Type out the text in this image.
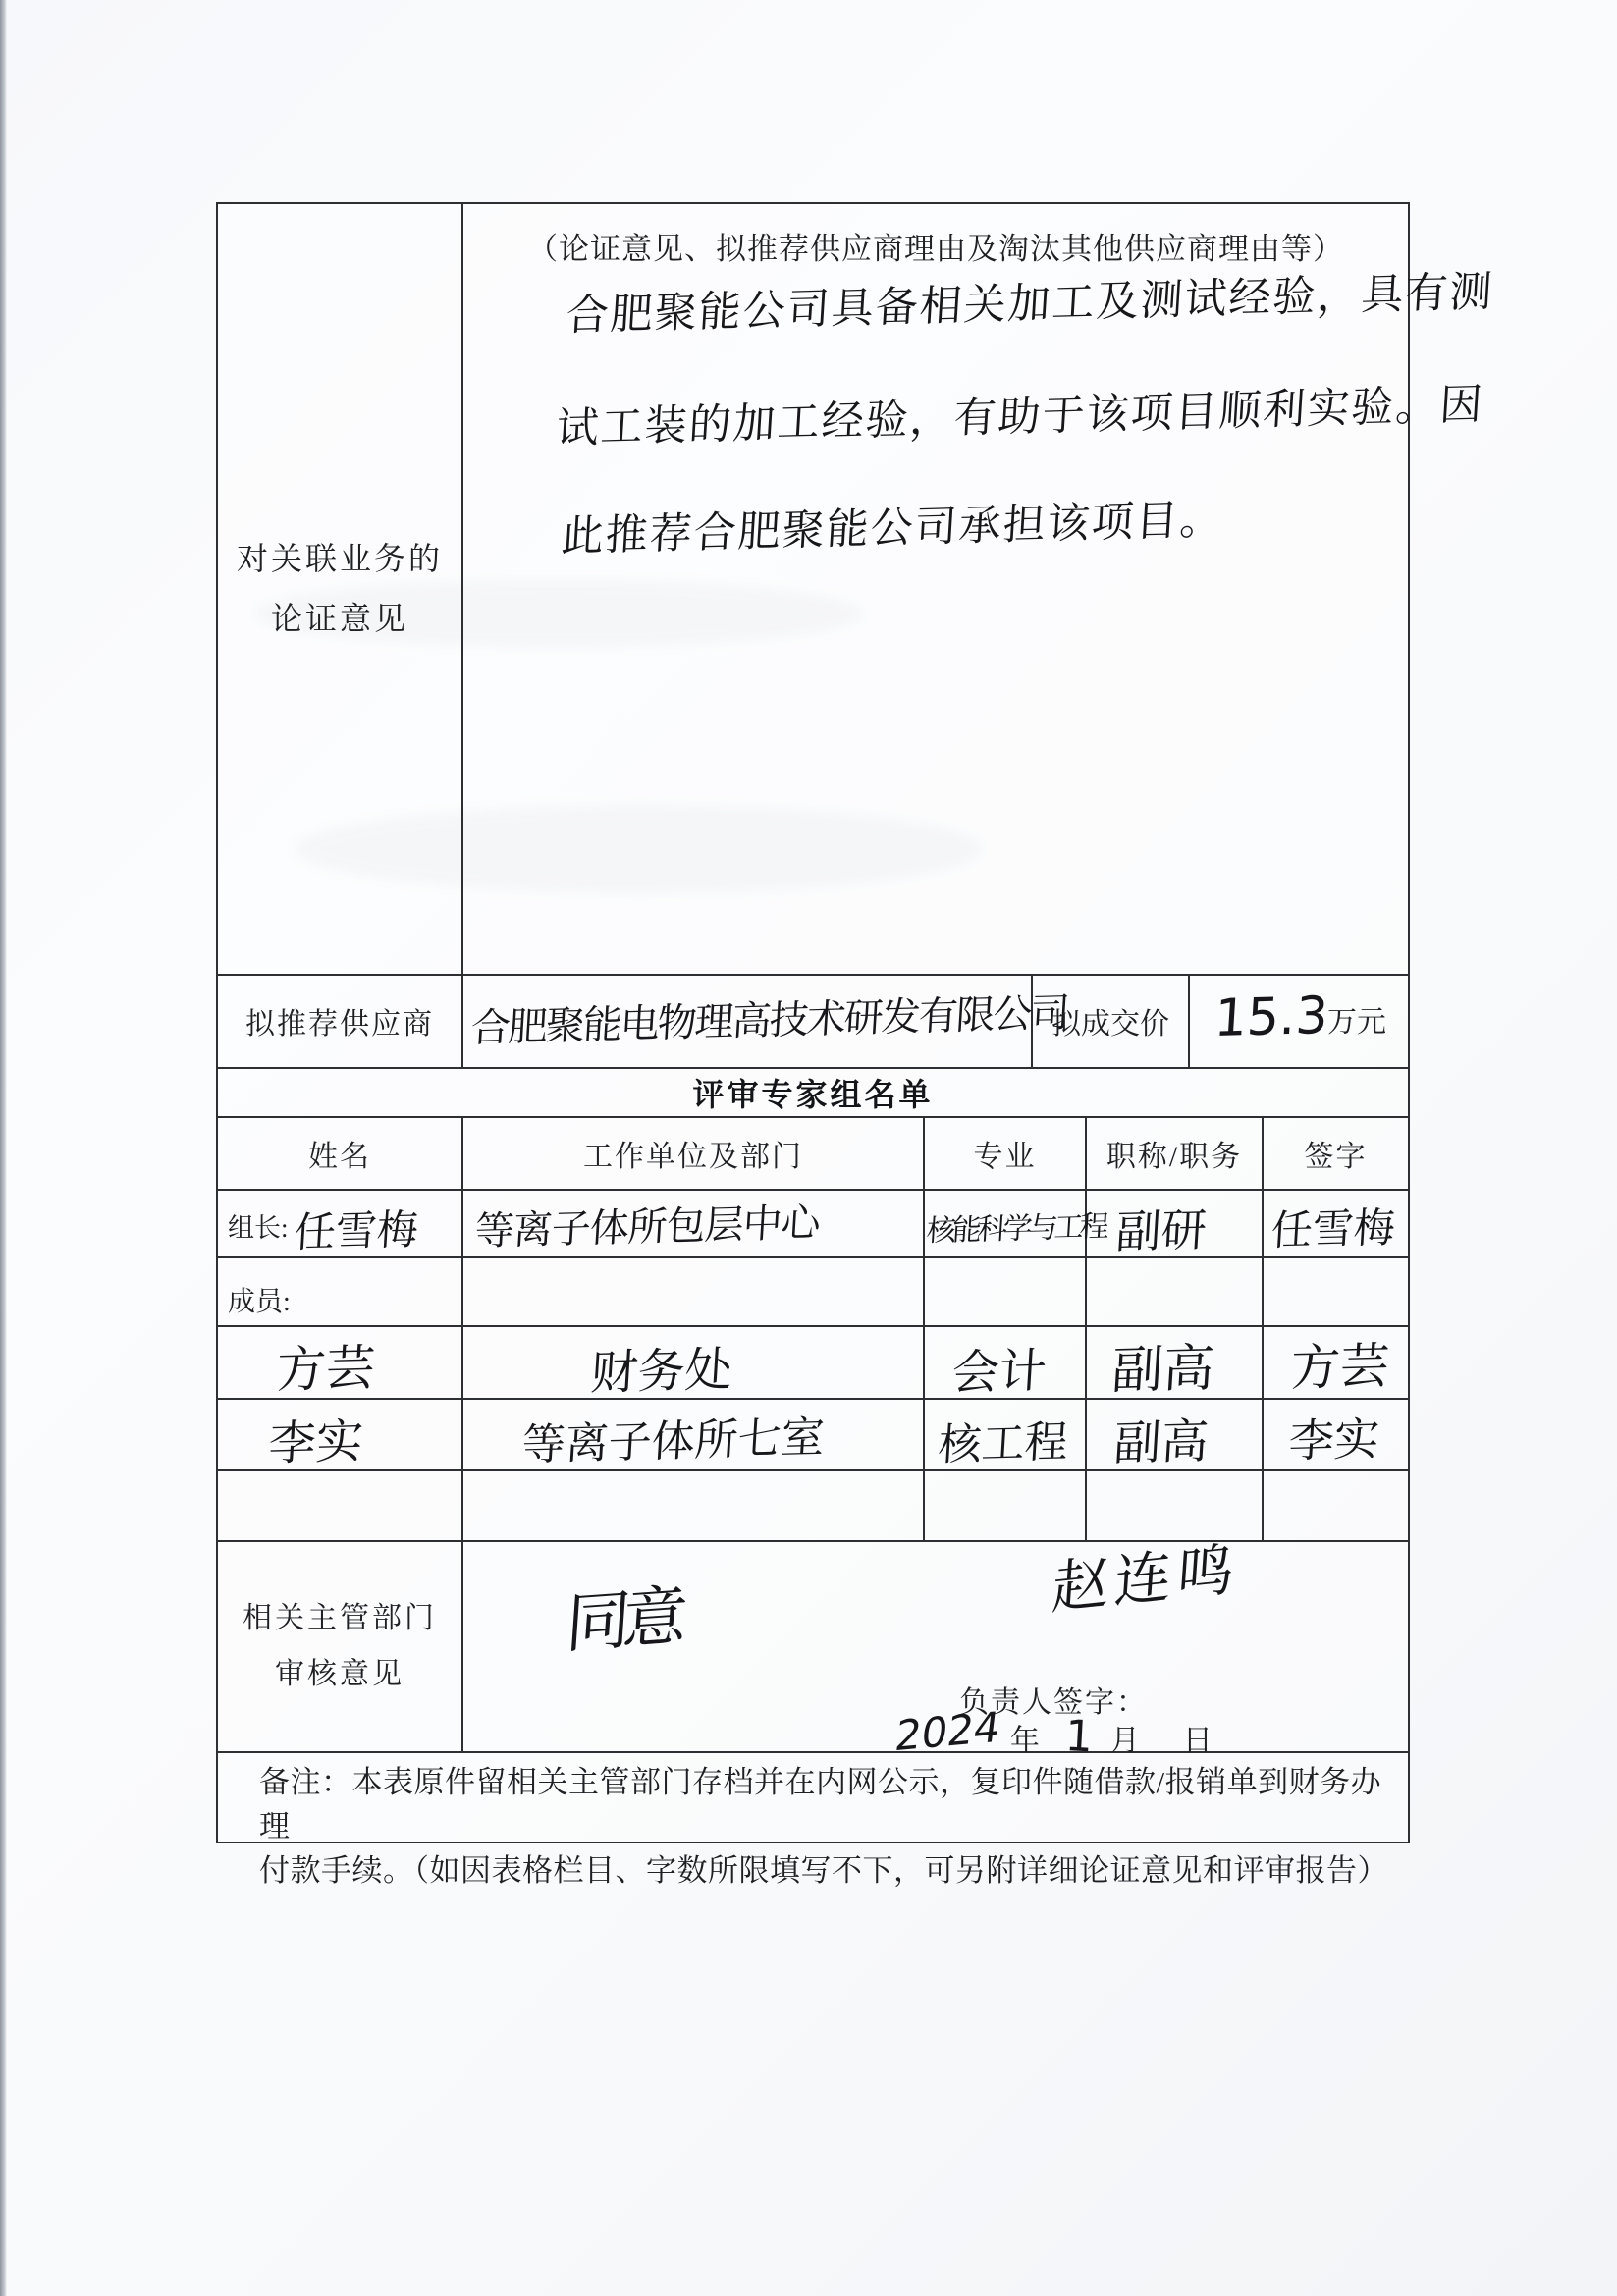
对关联业务的
论证意见
（论证意见、拟推荐供应商理由及淘汰其他供应商理由等）
合肥聚能公司具备相关加工及测试经验，具有测
试工装的加工经验，有助于该项目顺利实验。因
此推荐合肥聚能公司承担该项目。
拟推荐供应商 合肥聚能电物理高技术研发有限公司
拟成交价 15.3
万元
评审专家组名单
姓名	工作单位及部门	专业 职称/职务 签字
组长: 任雪梅 等离子体所包层中心	核能科学与工程 副研 任雪梅
成员:
方芸	财务处	会计 副高 方芸
李实	等离子体所七室	核工程 副高 李实
相关主管部门
审核意见
同意	赵连鸣
负责人签字：
2024 年 1 月 日
备注：本表原件留相关主管部门存档并在内网公示，复印件随借款/报销单到财务办理
付款手续。（如因表格栏目、字数所限填写不下，可另附详细论证意见和评审报告）
